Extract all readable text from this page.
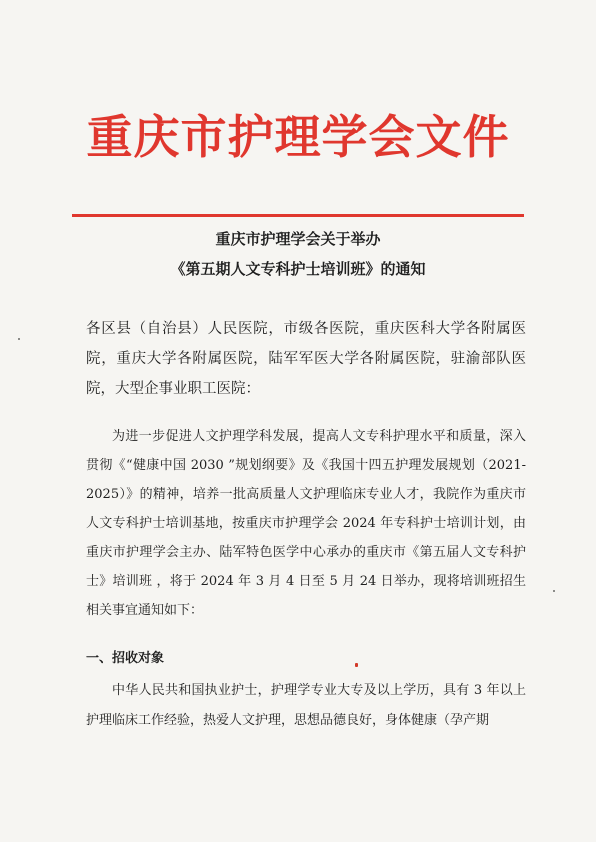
重庆市护理学会文件
重庆市护理学会关于举办
《第五期人文专科护士培训班》的通知
各区县（自治县）人民医院，市级各医院，重庆医科大学各附属医院，重庆大学各附属医院，陆军军医大学各附属医院，驻渝部队医院，大型企事业职工医院：
为进一步促进人文护理学科发展，提高人文专科护理水平和质量，深入贯彻《“健康中国 2030 ”规划纲要》及《我国十四五护理发展规划（2021- 2025）》的精神，培养一批高质量人文护理临床专业人才，我院作为重庆市人文专科护士培训基地，按重庆市护理学会 2024 年专科护士培训计划，由重庆市护理学会主办、陆军特色医学中心承办的重庆市《第五届人文专科护士》培训班 ，将于 2024 年 3 月 4 日至 5 月 24 日举办，现将培训班招生相关事宜通知如下：
一、招收对象
中华人民共和国执业护士，护理学专业大专及以上学历，具有 3 年以上护理临床工作经验，热爱人文护理，思想品德良好，身体健康（孕产期
